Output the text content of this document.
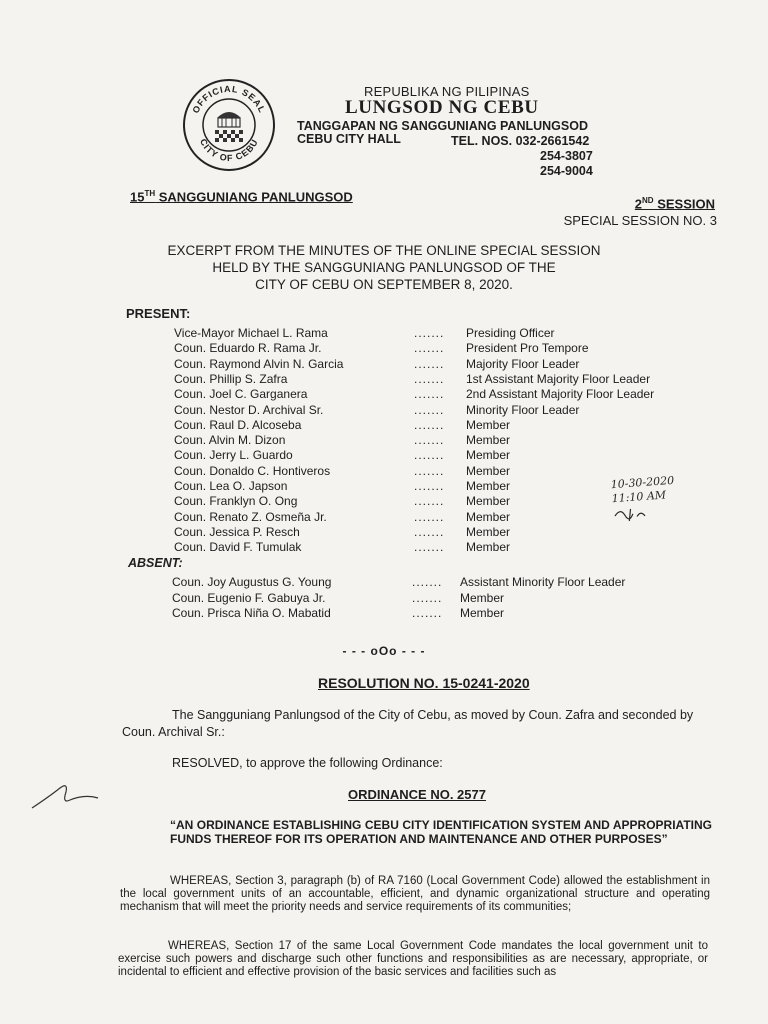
OFFICIAL SEAL
CITY OF CEBU
REPUBLIKA NG PILIPINAS
LUNGSOD NG CEBU
TANGGAPAN NG SANGGUNIANG PANLUNGSOD
CEBU CITY HALL	TEL. NOS. 032-2661542
254-3807
254-9004
15TH SANGGUNIANG PANLUNGSOD	2ND SESSION
SPECIAL SESSION NO. 3
EXCERPT FROM THE MINUTES OF THE ONLINE SPECIAL SESSION
HELD BY THE SANGGUNIANG PANLUNGSOD OF THE
CITY OF CEBU ON SEPTEMBER 8, 2020.
PRESENT:
Vice-Mayor Michael L. Rama	....... Presiding Officer
Coun. Eduardo R. Rama Jr.	....... President Pro Tempore
Coun. Raymond Alvin N. Garcia	....... Majority Floor Leader
Coun. Phillip S. Zafra	....... 1st Assistant Majority Floor Leader
Coun. Joel C. Garganera	....... 2nd Assistant Majority Floor Leader
Coun. Nestor D. Archival Sr.	....... Minority Floor Leader
Coun. Raul D. Alcoseba	....... Member
Coun. Alvin M. Dizon	....... Member
Coun. Jerry L. Guardo	....... Member
Coun. Donaldo C. Hontiveros	....... Member
Coun. Lea O. Japson	....... Member
Coun. Franklyn O. Ong	....... Member
Coun. Renato Z. Osmeña Jr.	....... Member
Coun. Jessica P. Resch	....... Member
Coun. David F. Tumulak	....... Member
ABSENT:
Coun. Joy Augustus G. Young	....... Assistant Minority Floor Leader
Coun. Eugenio F. Gabuya Jr.	....... Member
Coun. Prisca Niña O. Mabatid	....... Member
- - - oOo - - -
RESOLUTION NO. 15-0241-2020
The Sangguniang Panlungsod of the City of Cebu, as moved by Coun. Zafra and seconded by Coun. Archival Sr.:
RESOLVED, to approve the following Ordinance:
ORDINANCE NO. 2577
“AN ORDINANCE ESTABLISHING CEBU CITY IDENTIFICATION SYSTEM AND APPROPRIATING FUNDS THEREOF FOR ITS OPERATION AND MAINTENANCE AND OTHER PURPOSES”
WHEREAS, Section 3, paragraph (b) of RA 7160 (Local Government Code) allowed the establishment in the local government units of an accountable, efficient, and dynamic organizational structure and operating mechanism that will meet the priority needs and service requirements of its communities;
WHEREAS, Section 17 of the same Local Government Code mandates the local government unit to exercise such powers and discharge such other functions and responsibilities as are necessary, appropriate, or incidental to efficient and effective provision of the basic services and facilities such as
10-30-2020
11:10 AM
